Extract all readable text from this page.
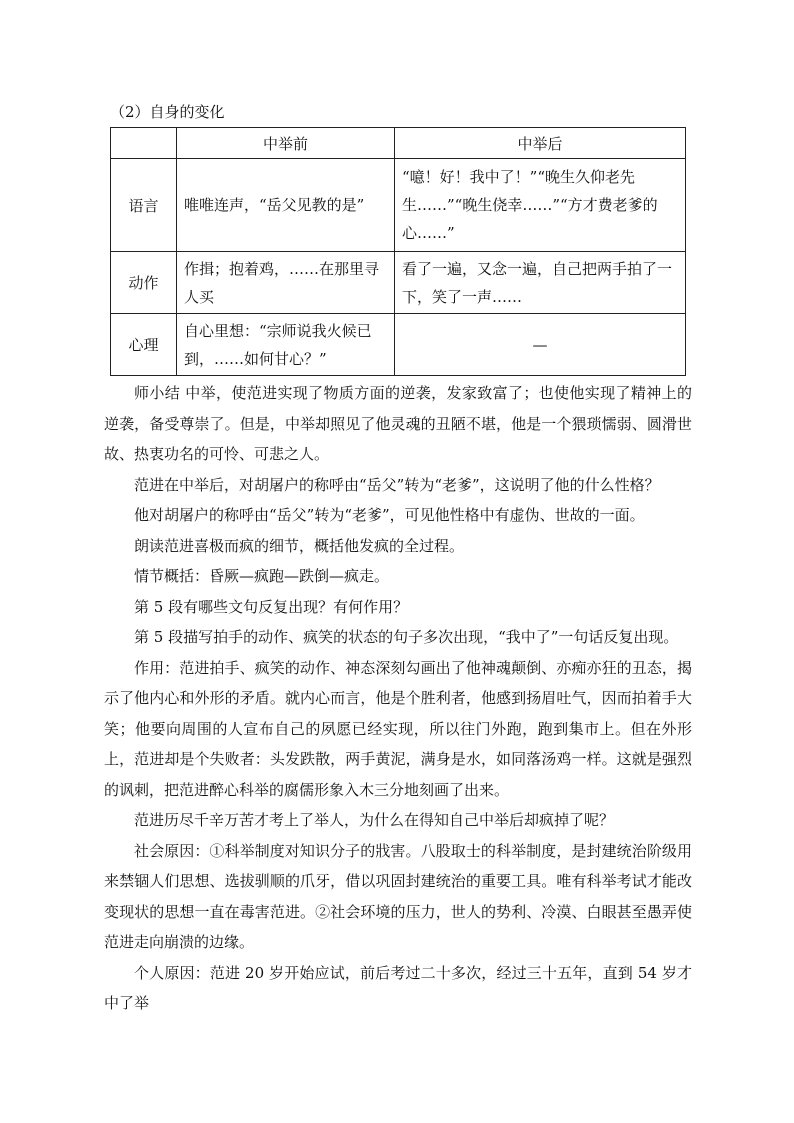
（2）自身的变化
	中举前	中举后
语言	唯唯连声，“岳父见教的是”	“噫！好！我中了！”“晚生久仰老先生……”“晚生侥幸……”“方才费老爹的心……”
动作	作揖；抱着鸡，……在那里寻人买	看了一遍，又念一遍，自己把两手拍了一下，笑了一声……
心理	自心里想：“宗师说我火候已到，……如何甘心？”	—

师小结 中举，使范进实现了物质方面的逆袭，发家致富了；也使他实现了精神上的逆袭，备受尊崇了。但是，中举却照见了他灵魂的丑陋不堪，他是一个猥琐懦弱、圆滑世故、热衷功名的可怜、可悲之人。

范进在中举后，对胡屠户的称呼由“岳父”转为“老爹”，这说明了他的什么性格？

他对胡屠户的称呼由“岳父”转为“老爹”，可见他性格中有虚伪、世故的一面。

朗读范进喜极而疯的细节，概括他发疯的全过程。

情节概括：昏厥—疯跑—跌倒—疯走。

第 5 段有哪些文句反复出现？有何作用？

第 5 段描写拍手的动作、疯笑的状态的句子多次出现，“我中了”一句话反复出现。

作用：范进拍手、疯笑的动作、神态深刻勾画出了他神魂颠倒、亦痴亦狂的丑态，揭示了他内心和外形的矛盾。就内心而言，他是个胜利者，他感到扬眉吐气，因而拍着手大笑；他要向周围的人宣布自己的夙愿已经实现，所以往门外跑，跑到集市上。但在外形上，范进却是个失败者：头发跌散，两手黄泥，满身是水，如同落汤鸡一样。这就是强烈的讽刺，把范进醉心科举的腐儒形象入木三分地刻画了出来。

范进历尽千辛万苦才考上了举人，为什么在得知自己中举后却疯掉了呢？

社会原因：①科举制度对知识分子的戕害。八股取士的科举制度，是封建统治阶级用来禁锢人们思想、选拔驯顺的爪牙，借以巩固封建统治的重要工具。唯有科举考试才能改变现状的思想一直在毒害范进。②社会环境的压力，世人的势利、冷漠、白眼甚至愚弄使范进走向崩溃的边缘。

个人原因：范进 20 岁开始应试，前后考过二十多次，经过三十五年，直到 54 岁才中了举
